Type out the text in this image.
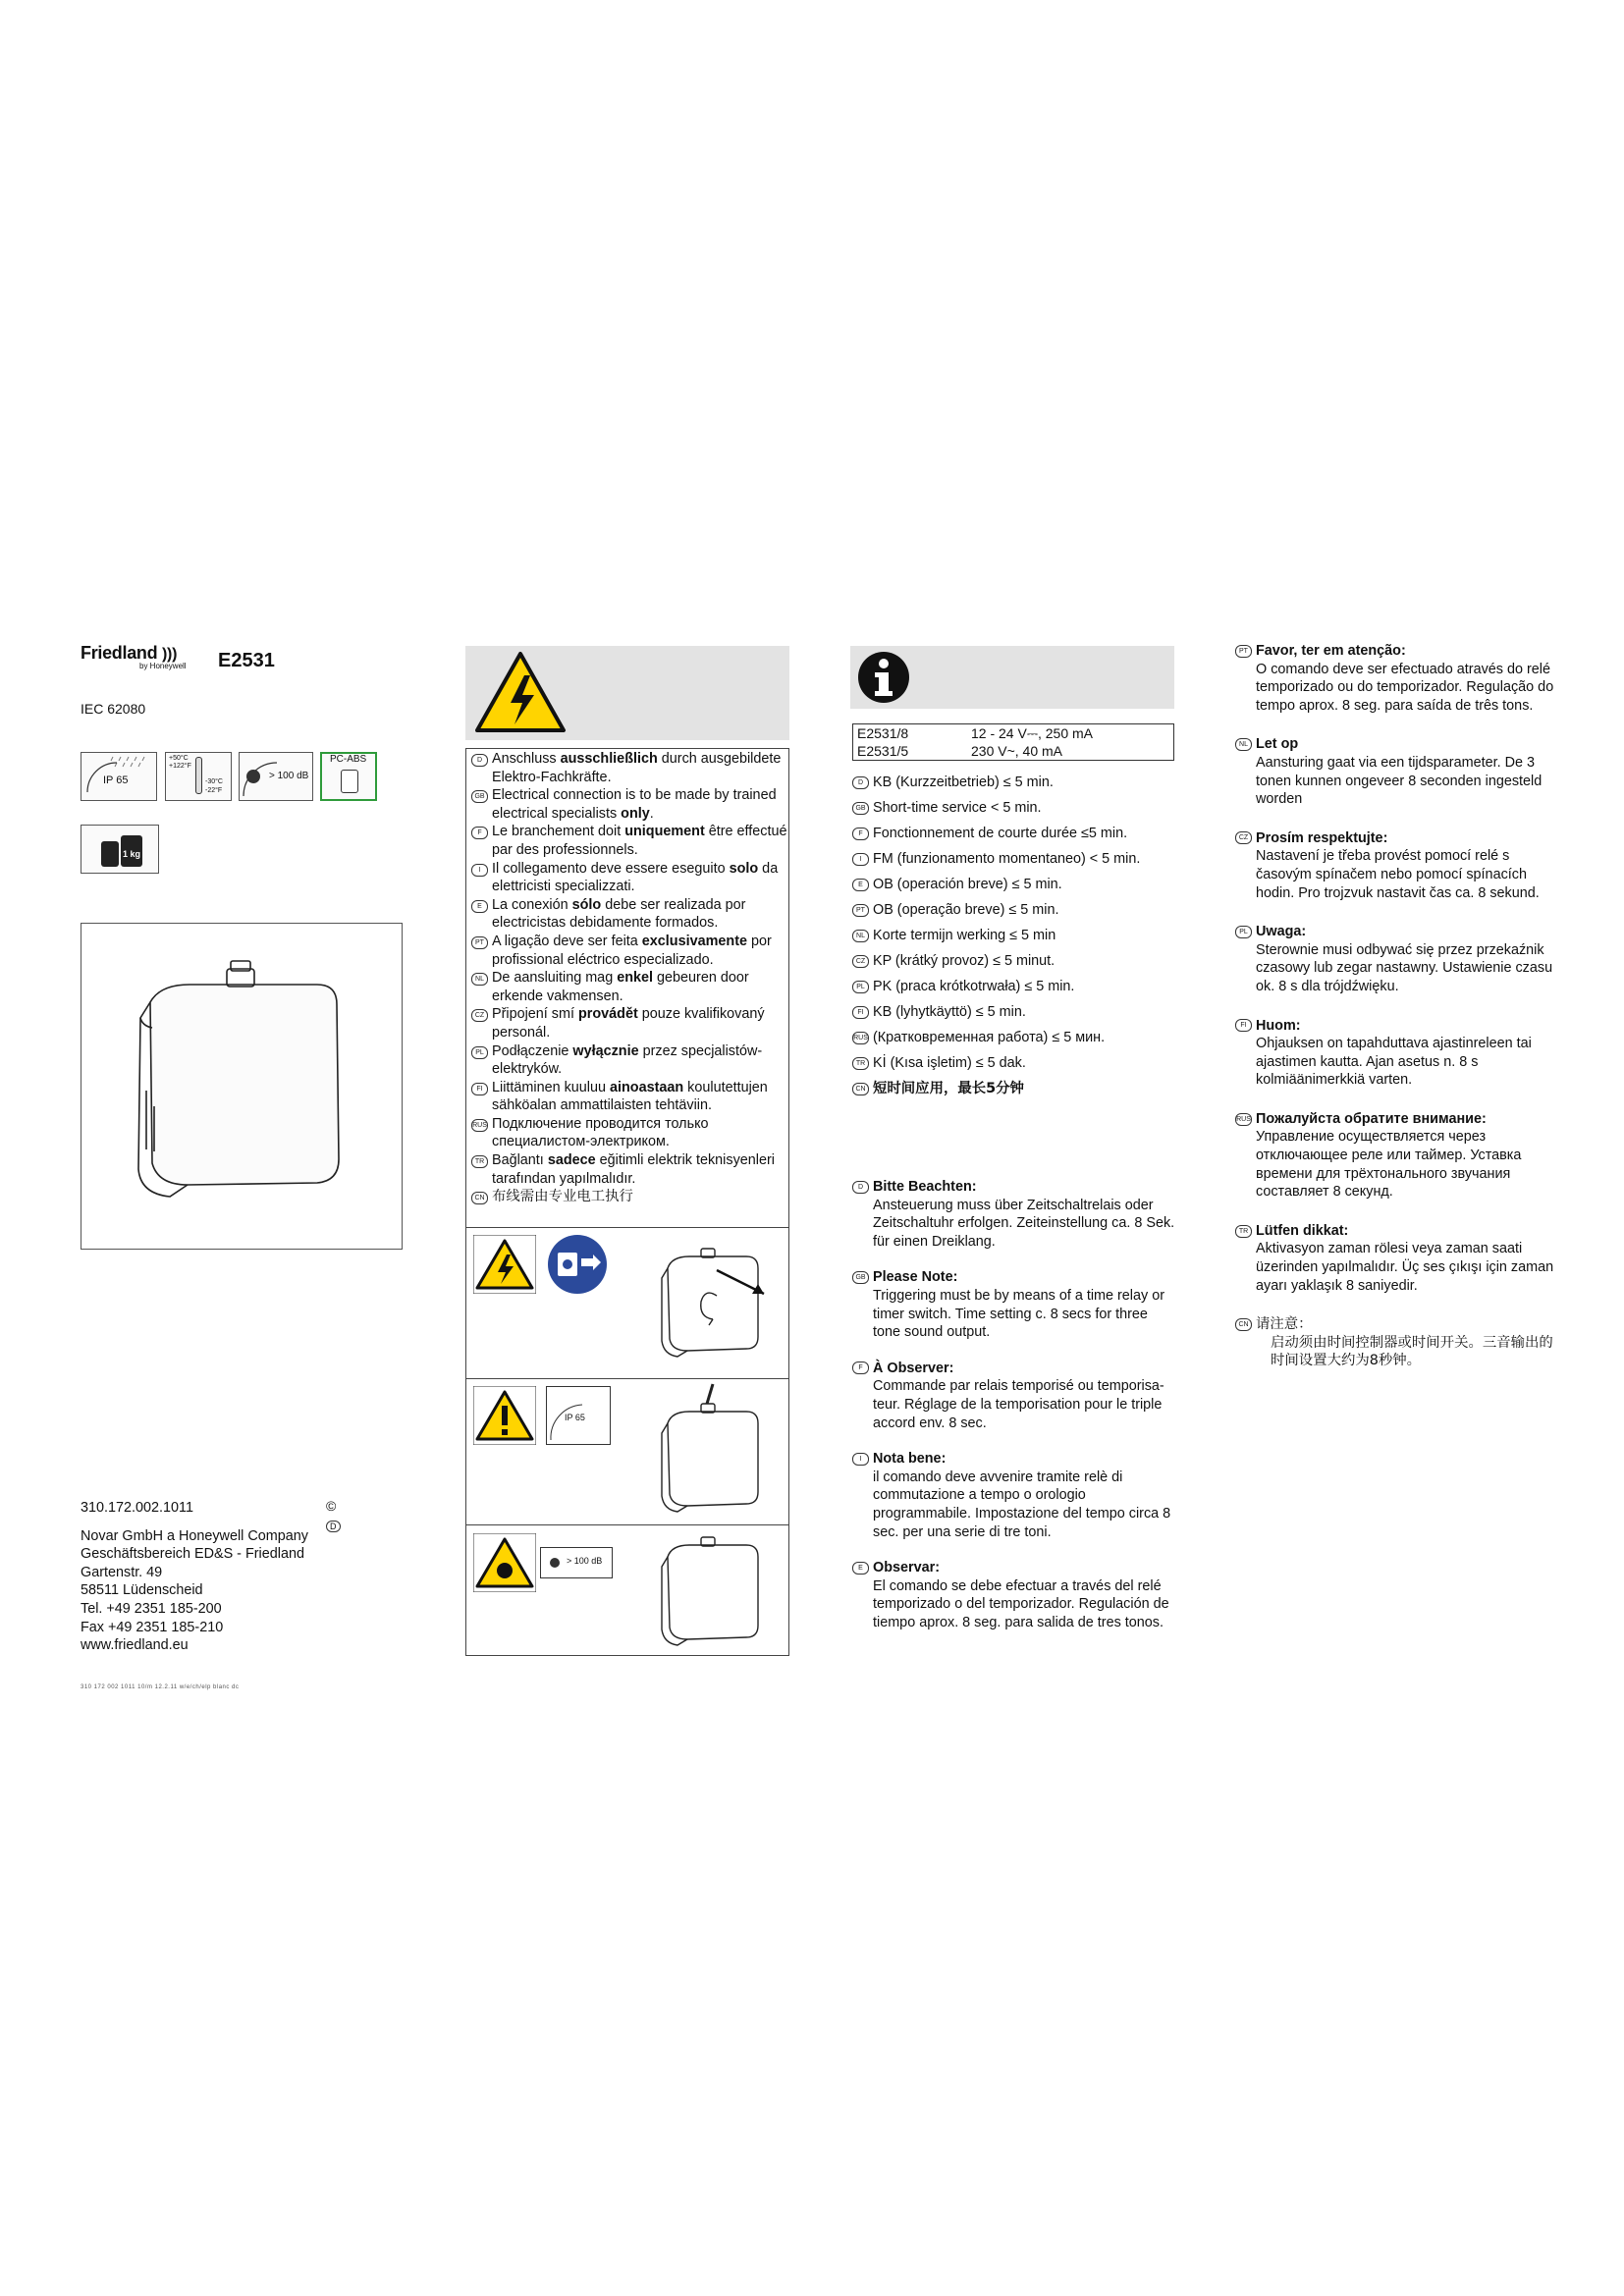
Friedland )))
by Honeywell E2531
IEC 62080
IP 65
+50°C
+122°F
-30°C
-22°F
> 100 dB
PC-ABS
1 kg
310.172.002.1011	© D
Novar GmbH a Honeywell Company
Geschäftsbereich ED&S - Friedland
Gartenstr. 49
58511 Lüdenscheid
Tel. +49 2351 185-200
Fax +49 2351 185-210
www.friedland.eu
310 172 002 1011 10/m 12.2.11 w/e/ch/elp blanc dc
D Anschluss ausschließlich durch ausgebildete Elektro-Fachkräfte.
GB Electrical connection is to be made by trained electrical specialists only.
F Le branchement doit uniquement être effectué par des professionnels.
I Il collegamento deve essere eseguito solo da elettricisti specializzati.
E La conexión sólo debe ser realizada por electricistas debidamente formados.
PT A ligação deve ser feita exclusivamente por profissional eléctrico especializado.
NL De aansluiting mag enkel gebeuren door erkende vakmensen.
CZ Připojení smí provádět pouze kvalifikovaný personál.
PL Podłączenie wyłącznie przez specjalistów-elektryków.
FI Liittäminen kuuluu ainoastaan koulutettujen sähköalan ammattilaisten tehtäviin.
RUS Подключение проводится только специалистом-электриком.
TR Bağlantı sadece eğitimli elektrik teknisyenleri tarafından yapılmalıdır.
CN 布线需由专业电工执行
IP 65
> 100 dB
E2531/8	12 - 24 V⎓, 250 mA
E2531/5	230 V~, 40 mA
D KB (Kurzzeitbetrieb) ≤ 5 min.
GB Short-time service < 5 min.
F Fonctionnement de courte durée ≤5 min.
I FM (funzionamento momentaneo) < 5 min.
E OB (operación breve) ≤ 5 min.
PT OB (operação breve) ≤ 5 min.
NL Korte termijn werking ≤ 5 min
CZ KP (krátký provoz) ≤ 5 minut.
PL PK (praca krótkotrwała) ≤ 5 min.
FI KB (lyhytkäyttö) ≤ 5 min.
RUS (Кратковременная работа) ≤ 5 мин.
TR Kİ (Kısa işletim) ≤ 5 dak.
CN 短时间应用，最长5分钟
D Bitte Beachten:
Ansteuerung muss über Zeitschaltrelais oder Zeitschaltuhr erfolgen. Zeiteinstellung ca. 8 Sek. für einen Dreiklang.
GB Please Note:
Triggering must be by means of a time relay or timer switch. Time setting c. 8 secs for three tone sound output.
F À Observer:
Commande par relais temporisé ou temporisa-teur. Réglage de la temporisation pour le triple accord env. 8 sec.
I Nota bene:
il comando deve avvenire tramite relè di commutazione a tempo o orologio programmabile. Impostazione del tempo circa 8 sec. per una serie di tre toni.
E Observar:
El comando se debe efectuar a través del relé temporizado o del temporizador. Regulación de tiempo aprox. 8 seg. para salida de tres tonos.
PT Favor, ter em atenção:
O comando deve ser efectuado através do relé temporizado ou do temporizador. Regulação do tempo aprox. 8 seg. para saída de três tons.
NL Let op
Aansturing gaat via een tijdsparameter. De 3 tonen kunnen ongeveer 8 seconden ingesteld worden
CZ Prosím respektujte:
Nastavení je třeba provést pomocí relé s časovým spínačem nebo pomocí spínacích hodin. Pro trojzvuk nastavit čas ca. 8 sekund.
PL Uwaga:
Sterownie musi odbywać się przez przekaźnik czasowy lub zegar nastawny. Ustawienie czasu ok. 8 s dla trójdźwięku.
FI Huom:
Ohjauksen on tapahduttava ajastinreleen tai ajastimen kautta. Ajan asetus n. 8 s kolmiäänimerkkiä varten.
RUS Пожалуйста обратите внимание:
Управление осуществляется через отключающее реле или таймер. Уставка времени для трёхтонального звучания составляет 8 секунд.
TR Lütfen dikkat:
Aktivasyon zaman rölesi veya zaman saati üzerinden yapılmalıdır. Üç ses çıkışı için zaman ayarı yaklaşık 8 saniyedir.
CN 请注意：
启动须由时间控制器或时间开关。三音输出的时间设置大约为8秒钟。
